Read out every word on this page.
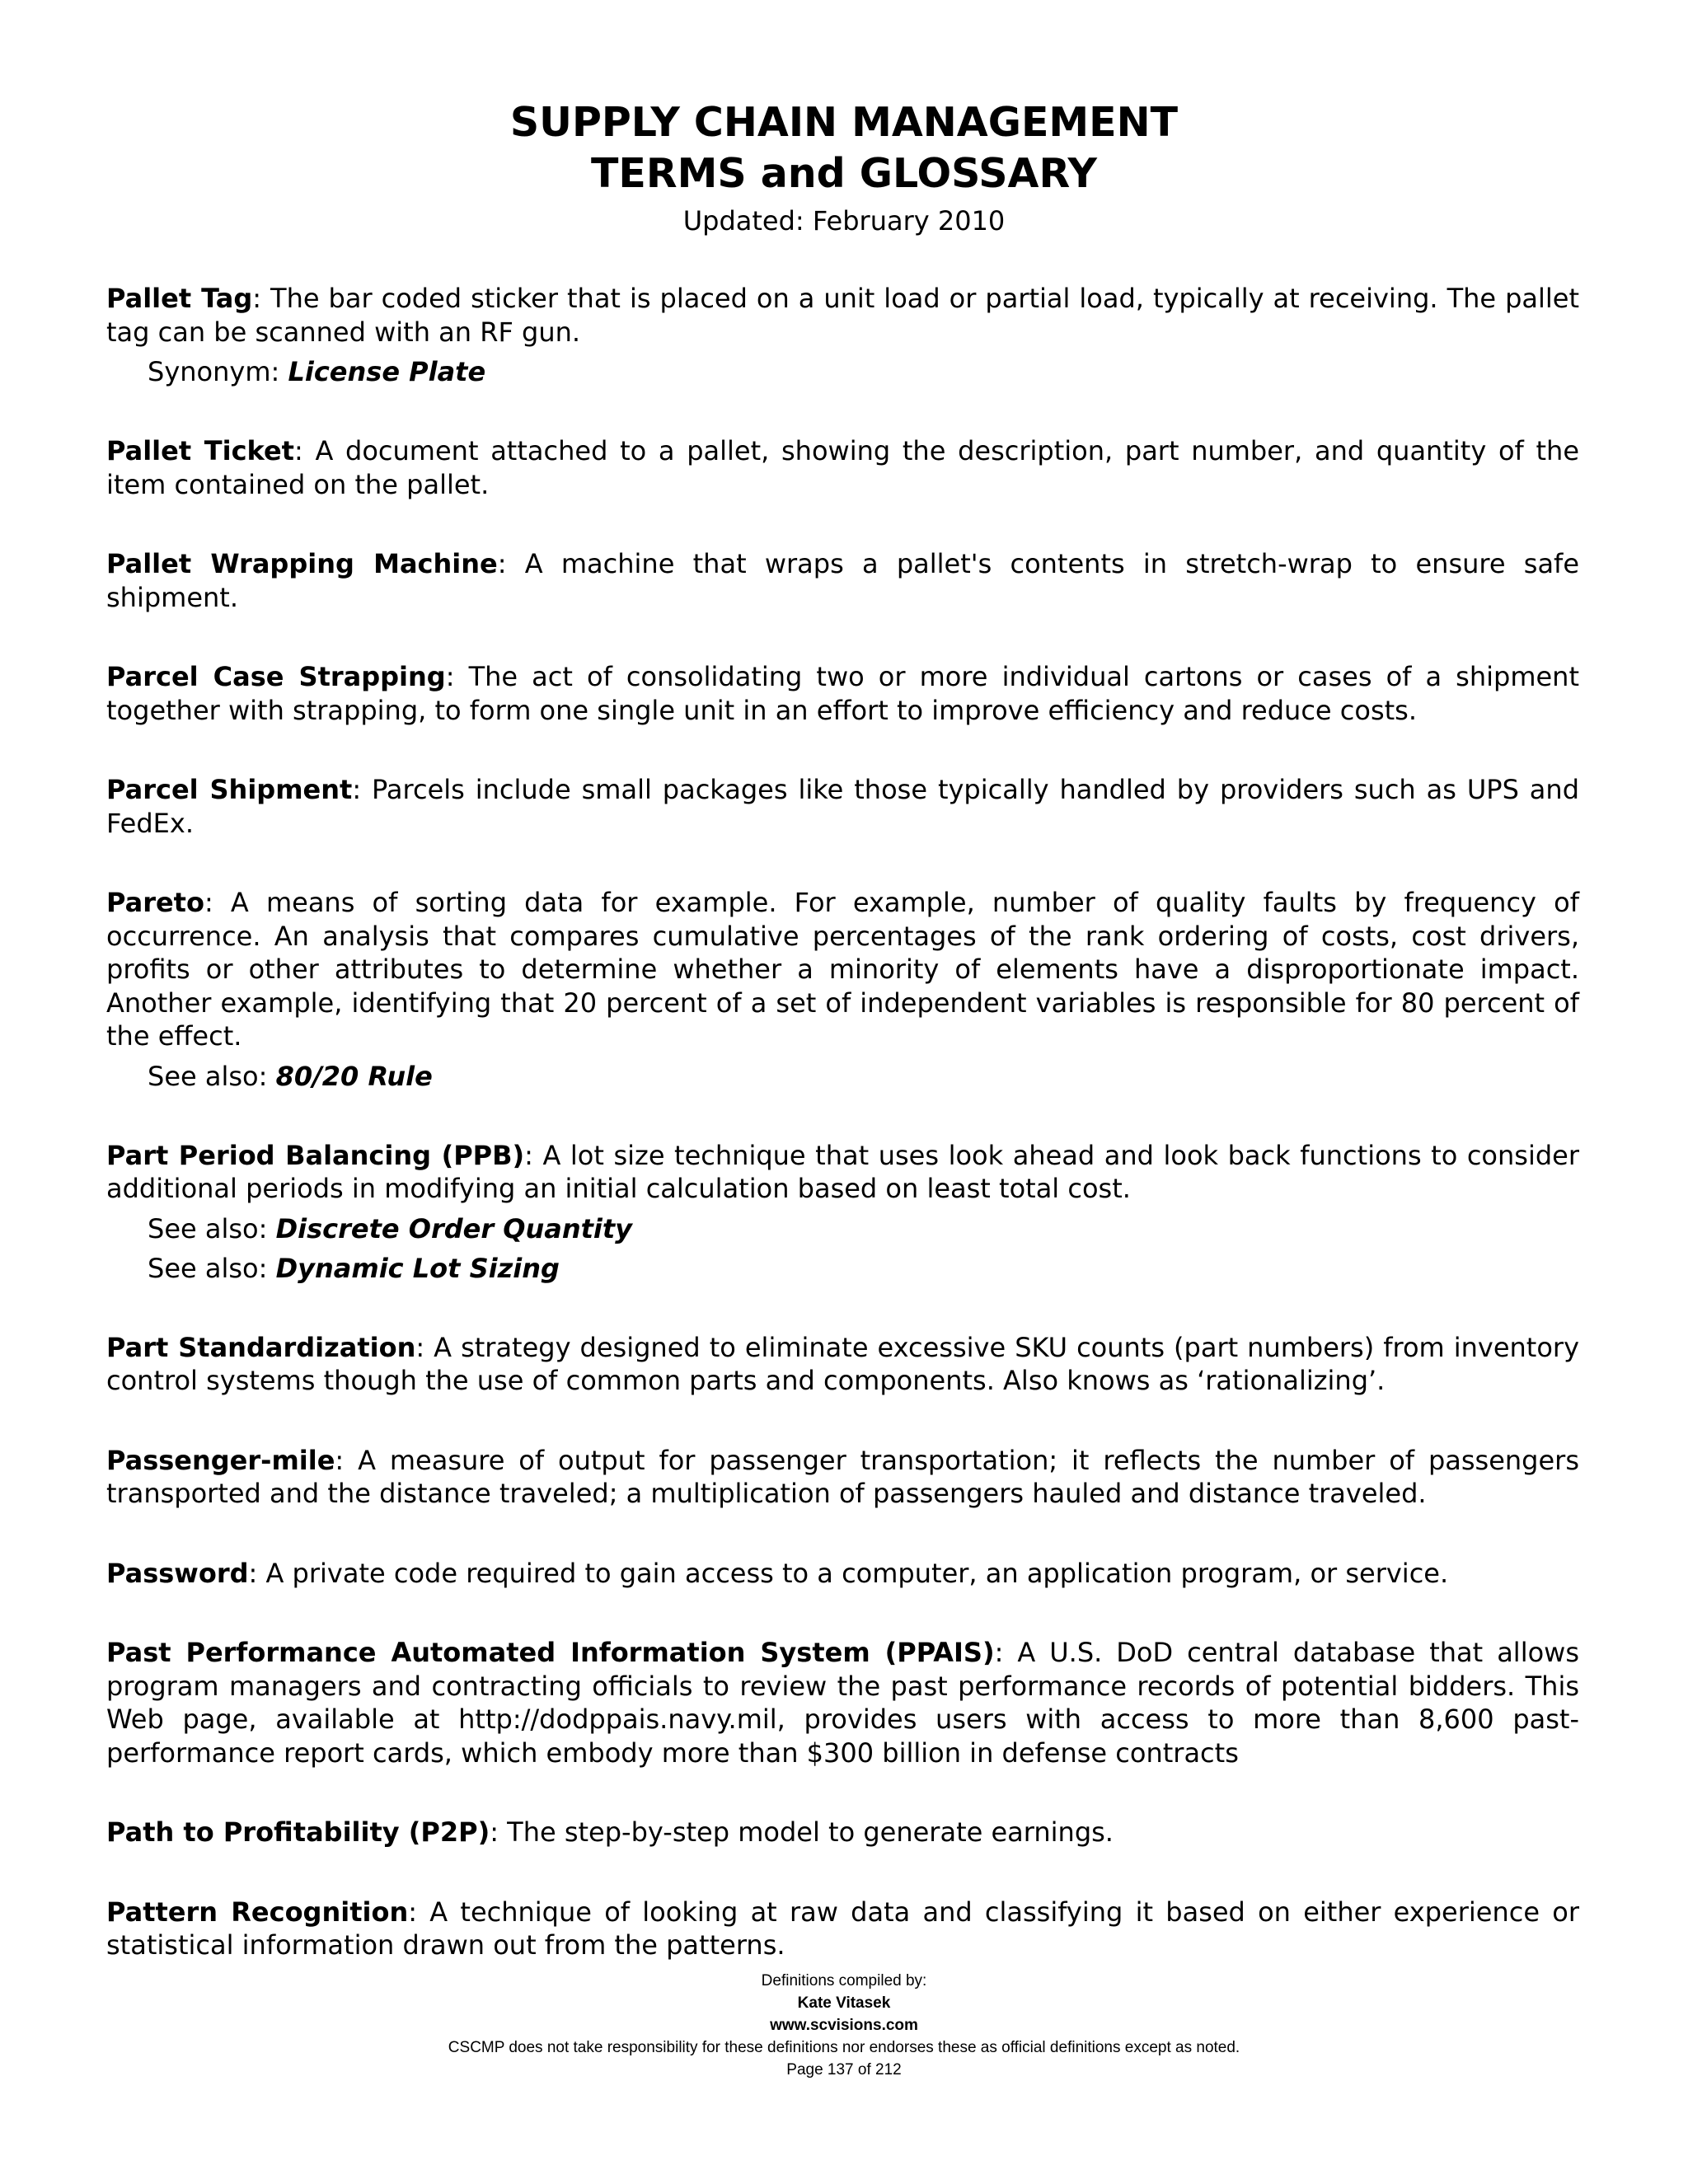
SUPPLY CHAIN MANAGEMENT
TERMS and GLOSSARY
Updated: February 2010
Pallet Tag: The bar coded sticker that is placed on a unit load or partial load, typically at receiving. The pallet tag can be scanned with an RF gun.
Synonym: License Plate
Pallet Ticket: A document attached to a pallet, showing the description, part number, and quantity of the item contained on the pallet.
Pallet Wrapping Machine: A machine that wraps a pallet's contents in stretch-wrap to ensure safe shipment.
Parcel Case Strapping: The act of consolidating two or more individual cartons or cases of a shipment together with strapping, to form one single unit in an effort to improve efficiency and reduce costs.
Parcel Shipment: Parcels include small packages like those typically handled by providers such as UPS and FedEx.
Pareto: A means of sorting data for example. For example, number of quality faults by frequency of occurrence. An analysis that compares cumulative percentages of the rank ordering of costs, cost drivers, profits or other attributes to determine whether a minority of elements have a disproportionate impact. Another example, identifying that 20 percent of a set of independent variables is responsible for 80 percent of the effect.
See also: 80/20 Rule
Part Period Balancing (PPB): A lot size technique that uses look ahead and look back functions to consider additional periods in modifying an initial calculation based on least total cost.
See also: Discrete Order Quantity
See also: Dynamic Lot Sizing
Part Standardization: A strategy designed to eliminate excessive SKU counts (part numbers) from inventory control systems though the use of common parts and components. Also knows as ‘rationalizing’.
Passenger-mile: A measure of output for passenger transportation; it reflects the number of passengers transported and the distance traveled; a multiplication of passengers hauled and distance traveled.
Password: A private code required to gain access to a computer, an application program, or service.
Past Performance Automated Information System (PPAIS): A U.S. DoD central database that allows program managers and contracting officials to review the past performance records of potential bidders. This Web page, available at http://dodppais.navy.mil, provides users with access to more than 8,600 past-performance report cards, which embody more than $300 billion in defense contracts
Path to Profitability (P2P): The step-by-step model to generate earnings.
Pattern Recognition: A technique of looking at raw data and classifying it based on either experience or statistical information drawn out from the patterns.
Definitions compiled by:
Kate Vitasek
www.scvisions.com
CSCMP does not take responsibility for these definitions nor endorses these as official definitions except as noted.
Page 137 of 212
